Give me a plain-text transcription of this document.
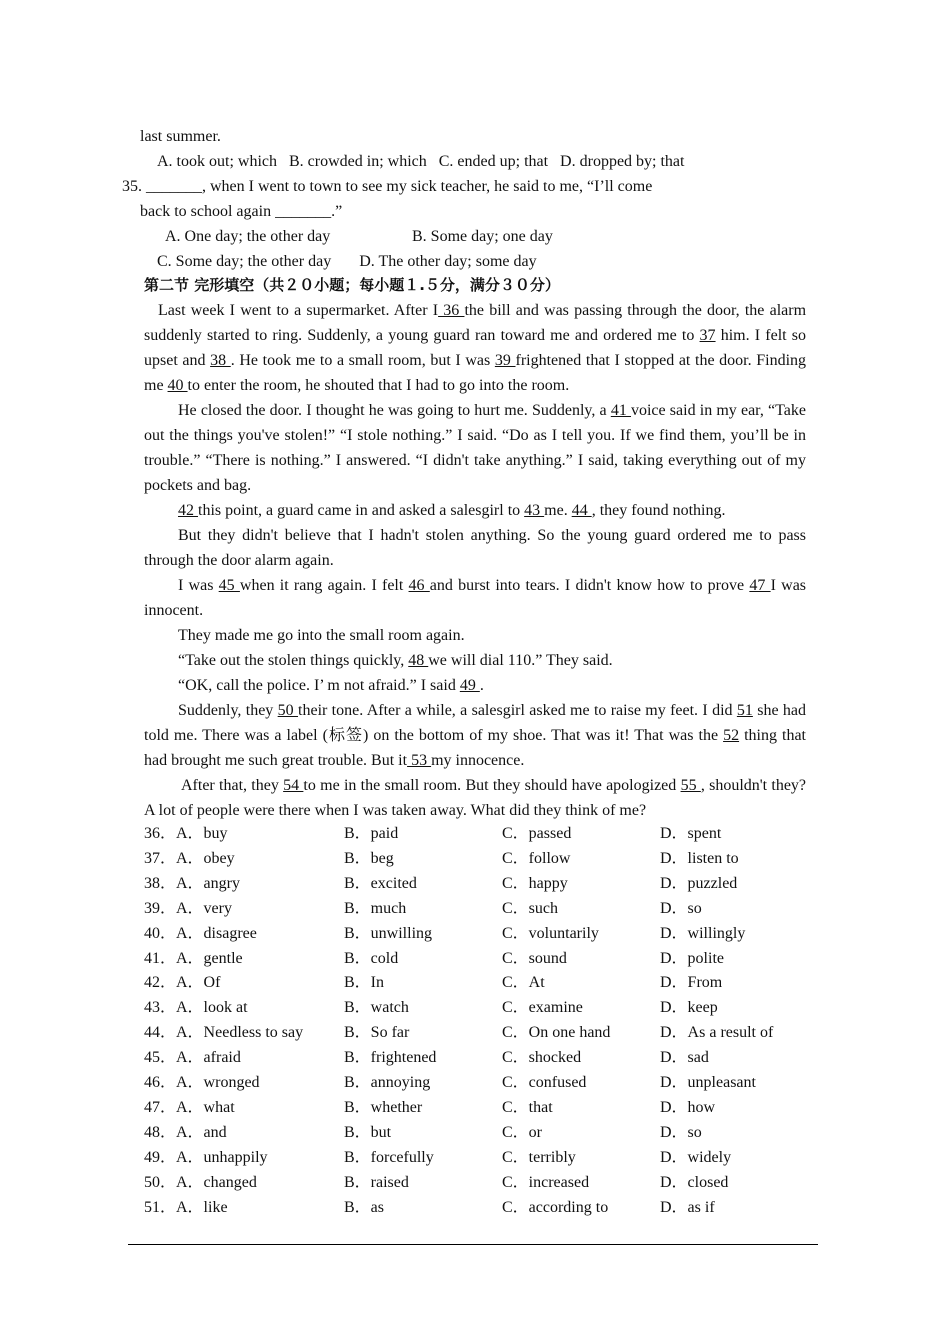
last summer.
A. took out; which   B. crowded in; which   C. ended up; that   D. dropped by; that
35. _______, when I went to town to see my sick teacher, he said to me, “I’ll come
back to school again _______.”
A. One day; the other day	B. Some day; one day
C. Some day; the other day       D. The other day; some day
第二节 完形填空（共２０小题；每小题１.５分，满分３０分）

Last week I went to a supermarket. After I 36 the bill and was passing through the door, the alarm suddenly started to ring. Suddenly, a young guard ran toward me and ordered me to 37 him. I felt so upset and 38 . He took me to a small room, but I was 39 frightened that I stopped at the door. Finding me 40 to enter the room, he shouted that I had to go into the room.

He closed the door. I thought he was going to hurt me. Suddenly, a 41 voice said in my ear, “Take out the things you've stolen!” “I stole nothing.” I said. “Do as I tell you. If we find them, you’ll be in trouble.” “There is nothing.” I answered. “I didn't take anything.” I said, taking everything out of my pockets and bag.

42 this point, a guard came in and asked a salesgirl to 43 me. 44 , they found nothing.

But they didn't believe that I hadn't stolen anything. So the young guard ordered me to pass through the door alarm again.

I was 45 when it rang again. I felt 46 and burst into tears. I didn't know how to prove 47 I was innocent.

They made me go into the small room again.

“Take out the stolen things quickly, 48 we will dial 110.” They said.

“OK, call the police. I’ m not afraid.” I said 49 .

Suddenly, they 50 their tone. After a while, a salesgirl asked me to raise my feet. I did 51 she had told me. There was a label (标签) on the bottom of my shoe. That was it! That was the 52 thing that had brought me such great trouble. But it 53 my innocence.

After that, they 54 to me in the small room. But they should have apologized 55 , shouldn't they? A lot of people were there when I was taken away. What did they think of me?

36． A．buy	B．paid	C．passed	D．spent
37． A．obey	B．beg	C．follow	D．listen to
38． A．angry	B．excited	C．happy	D．puzzled
39． A．very	B．much	C．such	D．so
40． A．disagree	B．unwilling	C．voluntarily	D．willingly
41． A．gentle	B．cold	C．sound	D．polite
42． A．Of	B．In	C．At	D．From
43． A．look at	B．watch	C．examine	D．keep
44． A．Needless to say	B．So far	C．On one hand	D．As a result of
45． A．afraid	B．frightened	C．shocked	D．sad
46． A．wronged	B．annoying	C．confused	D．unpleasant
47． A．what	B．whether	C．that	D．how
48． A．and	B．but	C．or	D．so
49． A．unhappily	B．forcefully	C．terribly	D．widely
50． A．changed	B．raised	C．increased	D．closed
51． A．like	B．as	C．according to	D．as if
